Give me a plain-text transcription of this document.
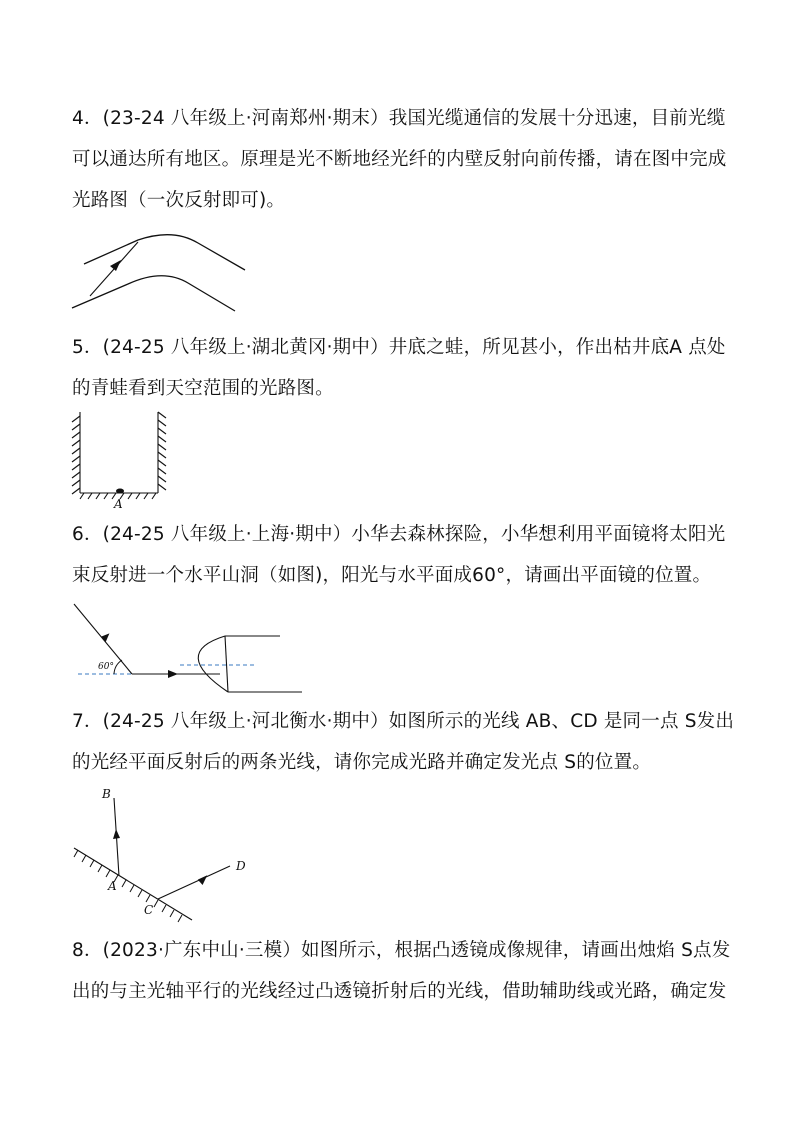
4．(23-24 八年级上·河南郑州·期末）我国光缆通信的发展十分迅速，目前光缆
可以通达所有地区。原理是光不断地经光纤的内壁反射向前传播，请在图中完成
光路图（一次反射即可)。
5．(24-25 八年级上·湖北黄冈·期中）井底之蛙，所见甚小，作出枯井底A 点处
的青蛙看到天空范围的光路图。
A
6．(24-25 八年级上·上海·期中）小华去森林探险，小华想利用平面镜将太阳光
束反射进一个水平山洞（如图)，阳光与水平面成60°，请画出平面镜的位置。
60°
7．(24-25 八年级上·河北衡水·期中）如图所示的光线 AB、CD 是同一点 S发出
的光经平面反射后的两条光线，请你完成光路并确定发光点 S的位置。
B
A
C
D
8．(2023·广东中山·三模）如图所示，根据凸透镜成像规律，请画出烛焰 S点发
出的与主光轴平行的光线经过凸透镜折射后的光线，借助辅助线或光路，确定发
